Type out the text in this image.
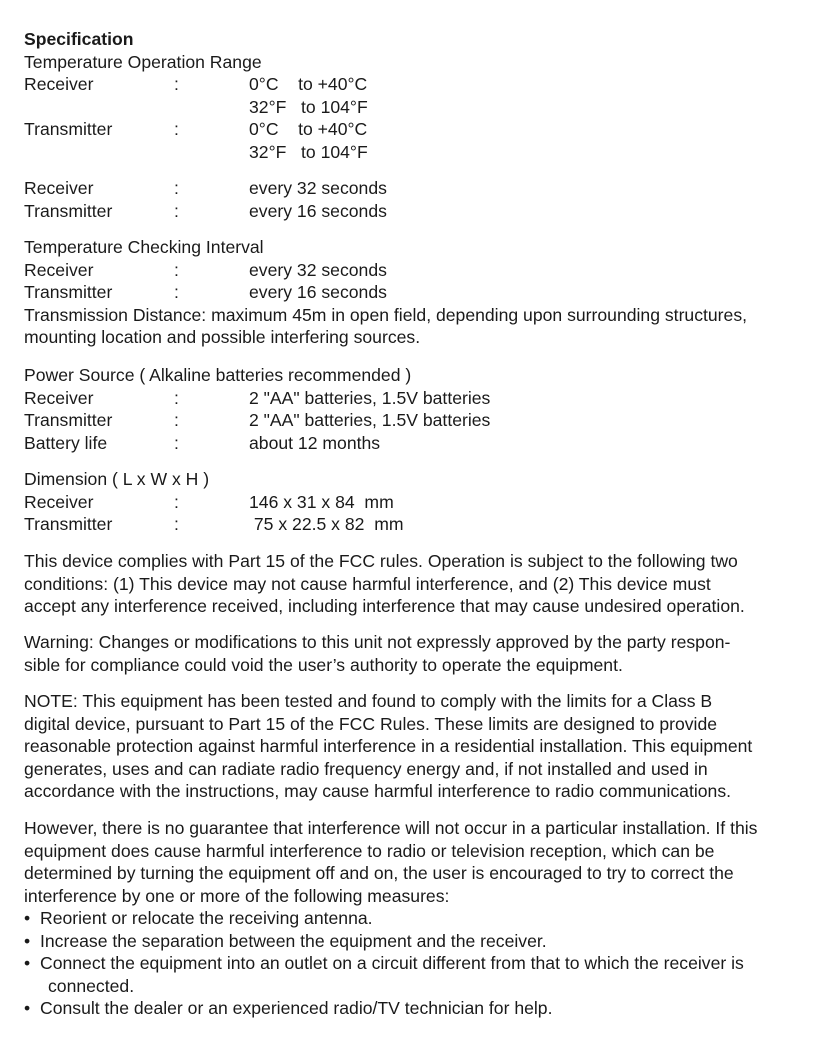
Specification
Temperature Operation Range
Receiver	:	0°C    to +40°C
32°F   to 104°F
Transmitter	:	0°C    to +40°C
32°F   to 104°F
Receiver	:	every 32 seconds
Transmitter	:	every 16 seconds
Temperature Checking Interval
Receiver	:	every 32 seconds
Transmitter	:	every 16 seconds
Transmission Distance: maximum 45m in open field, depending upon surrounding structures,
mounting location and possible interfering sources.
Power Source ( Alkaline batteries recommended )
Receiver	:	2 "AA" batteries, 1.5V batteries
Transmitter	:	2 "AA" batteries, 1.5V batteries
Battery life	:	about 12 months
Dimension ( L x W x H )
Receiver	:	146 x 31 x 84  mm
Transmitter	:	75 x 22.5 x 82  mm
This device complies with Part 15 of the FCC rules. Operation is subject to the following two
conditions: (1) This device may not cause harmful interference, and (2) This device must
accept any interference received, including interference that may cause undesired operation.
Warning: Changes or modifications to this unit not expressly approved by the party respon-
sible for compliance could void the user’s authority to operate the equipment.
NOTE: This equipment has been tested and found to comply with the limits for a Class B
digital device, pursuant to Part 15 of the FCC Rules. These limits are designed to provide
reasonable protection against harmful interference in a residential installation. This equipment
generates, uses and can radiate radio frequency energy and, if not installed and used in
accordance with the instructions, may cause harmful interference to radio communications.
However, there is no guarantee that interference will not occur in a particular installation. If this
equipment does cause harmful interference to radio or television reception, which can be
determined by turning the equipment off and on, the user is encouraged to try to correct the
interference by one or more of the following measures:
• Reorient or relocate the receiving antenna.
• Increase the separation between the equipment and the receiver.
• Connect the equipment into an outlet on a circuit different from that to which the receiver is
connected.
• Consult the dealer or an experienced radio/TV technician for help.
